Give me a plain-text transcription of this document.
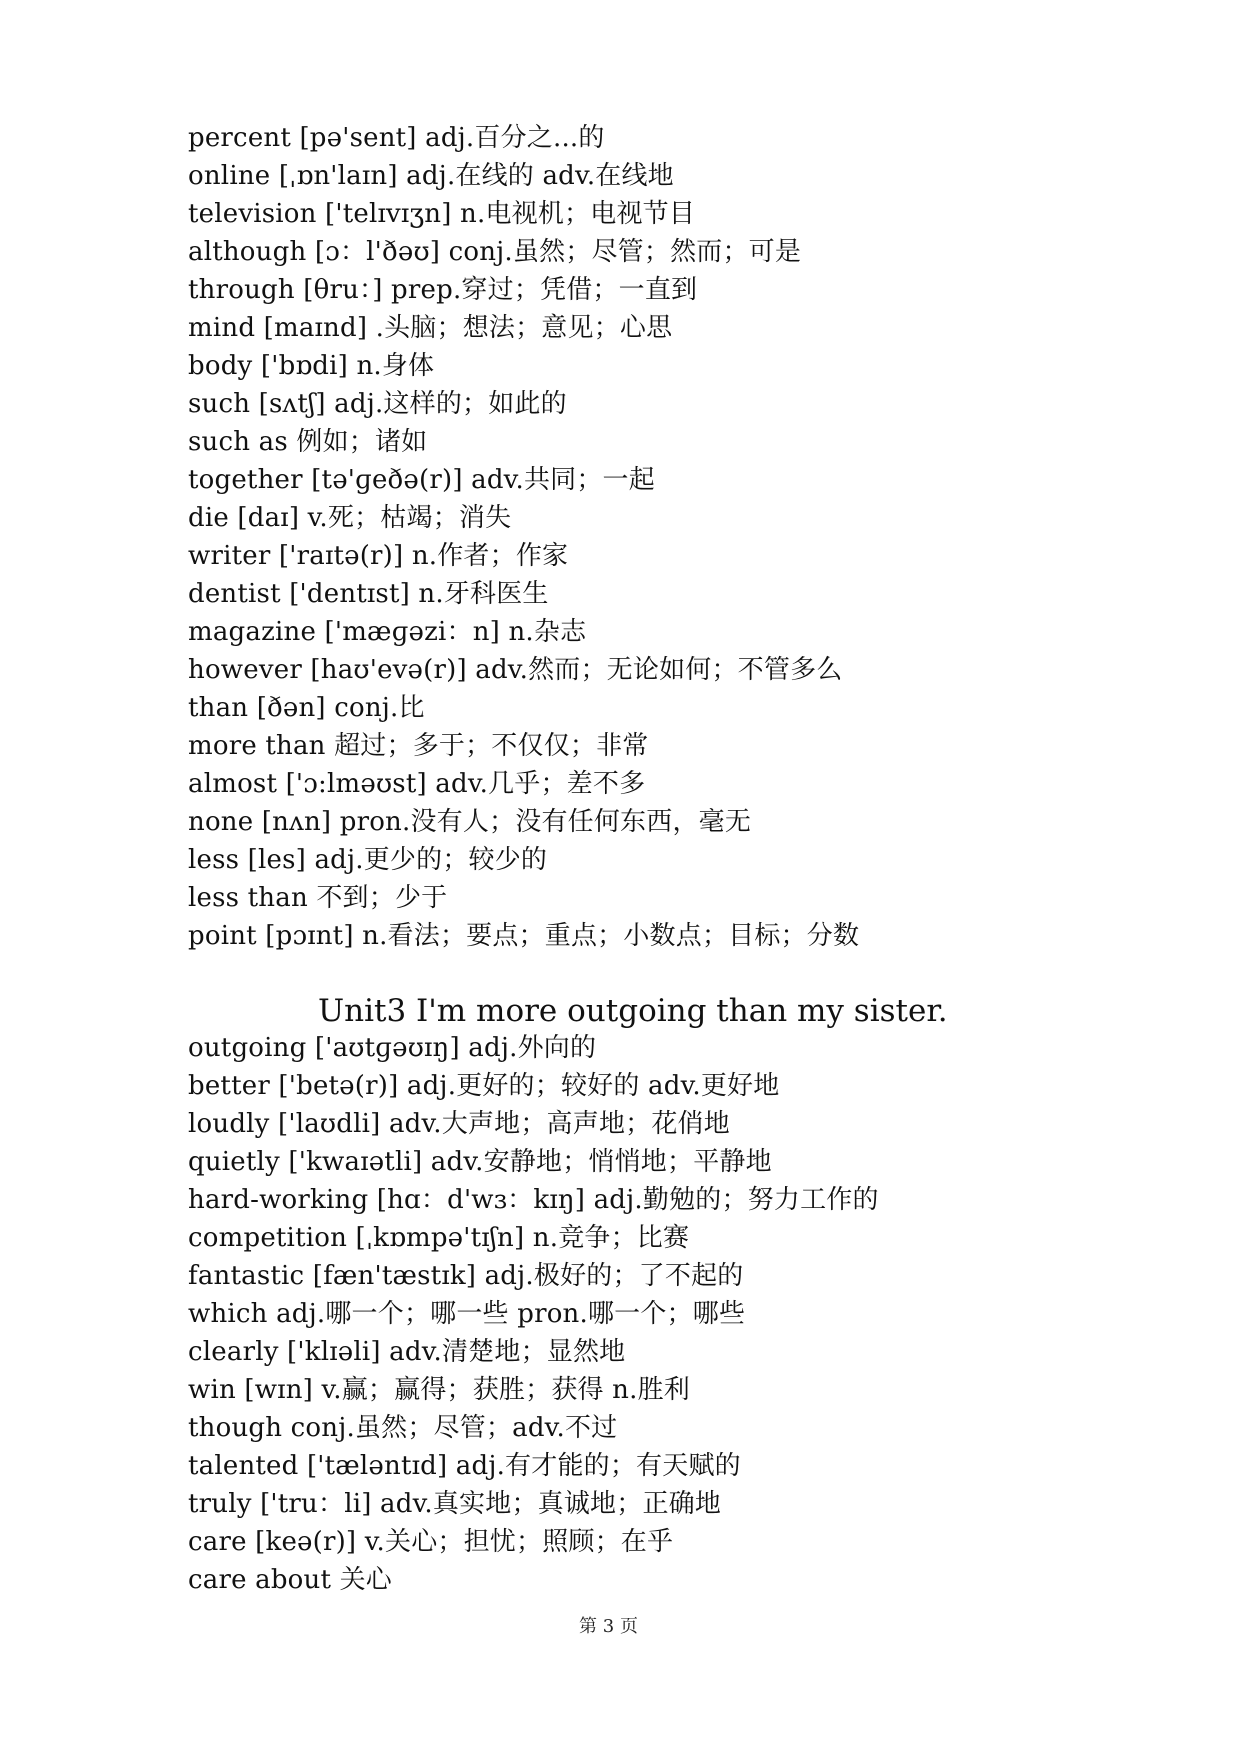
percent [pə'sent] adj.百分之...的
online [ˌɒn'laɪn] adj.在线的 adv.在线地
television ['telɪvɪʒn] n.电视机；电视节目
although [ɔ：l'ðəʊ] conj.虽然；尽管；然而；可是
through [θru：] prep.穿过；凭借；一直到
mind [maɪnd] .头脑；想法；意见；心思
body ['bɒdi] n.身体
such [sʌtʃ] adj.这样的；如此的
such as 例如；诸如
together [tə'ɡeðə(r)] adv.共同；一起
die [daɪ] v.死；枯竭；消失
writer ['raɪtə(r)] n.作者；作家
dentist ['dentɪst] n.牙科医生
magazine ['mæɡəzi：n] n.杂志
however [haʊ'evə(r)] adv.然而；无论如何；不管多么
than [ðən] conj.比
more than 超过；多于；不仅仅；非常
almost ['ɔ:lməʊst] adv.几乎；差不多
none [nʌn] pron.没有人；没有任何东西，毫无
less [les] adj.更少的；较少的
less than 不到；少于
point [pɔɪnt] n.看法；要点；重点；小数点；目标；分数
Unit3 I'm more outgoing than my sister.
outgoing ['aʊtɡəʊɪŋ] adj.外向的
better ['betə(r)] adj.更好的；较好的 adv.更好地
loudly ['laʊdli] adv.大声地；高声地；花俏地
quietly ['kwaɪətli] adv.安静地；悄悄地；平静地
hard-working [hɑ：d'wɜ：kɪŋ] adj.勤勉的；努力工作的
competition [ˌkɒmpə'tɪʃn] n.竞争；比赛
fantastic [fæn'tæstɪk] adj.极好的；了不起的
which adj.哪一个；哪一些 pron.哪一个；哪些
clearly ['klɪəli] adv.清楚地；显然地
win [wɪn] v.赢；赢得；获胜；获得 n.胜利
though conj.虽然；尽管；adv.不过
talented ['tæləntɪd] adj.有才能的；有天赋的
truly ['tru：li] adv.真实地；真诚地；正确地
care [keə(r)] v.关心；担忧；照顾；在乎
care about 关心
第 3 页
